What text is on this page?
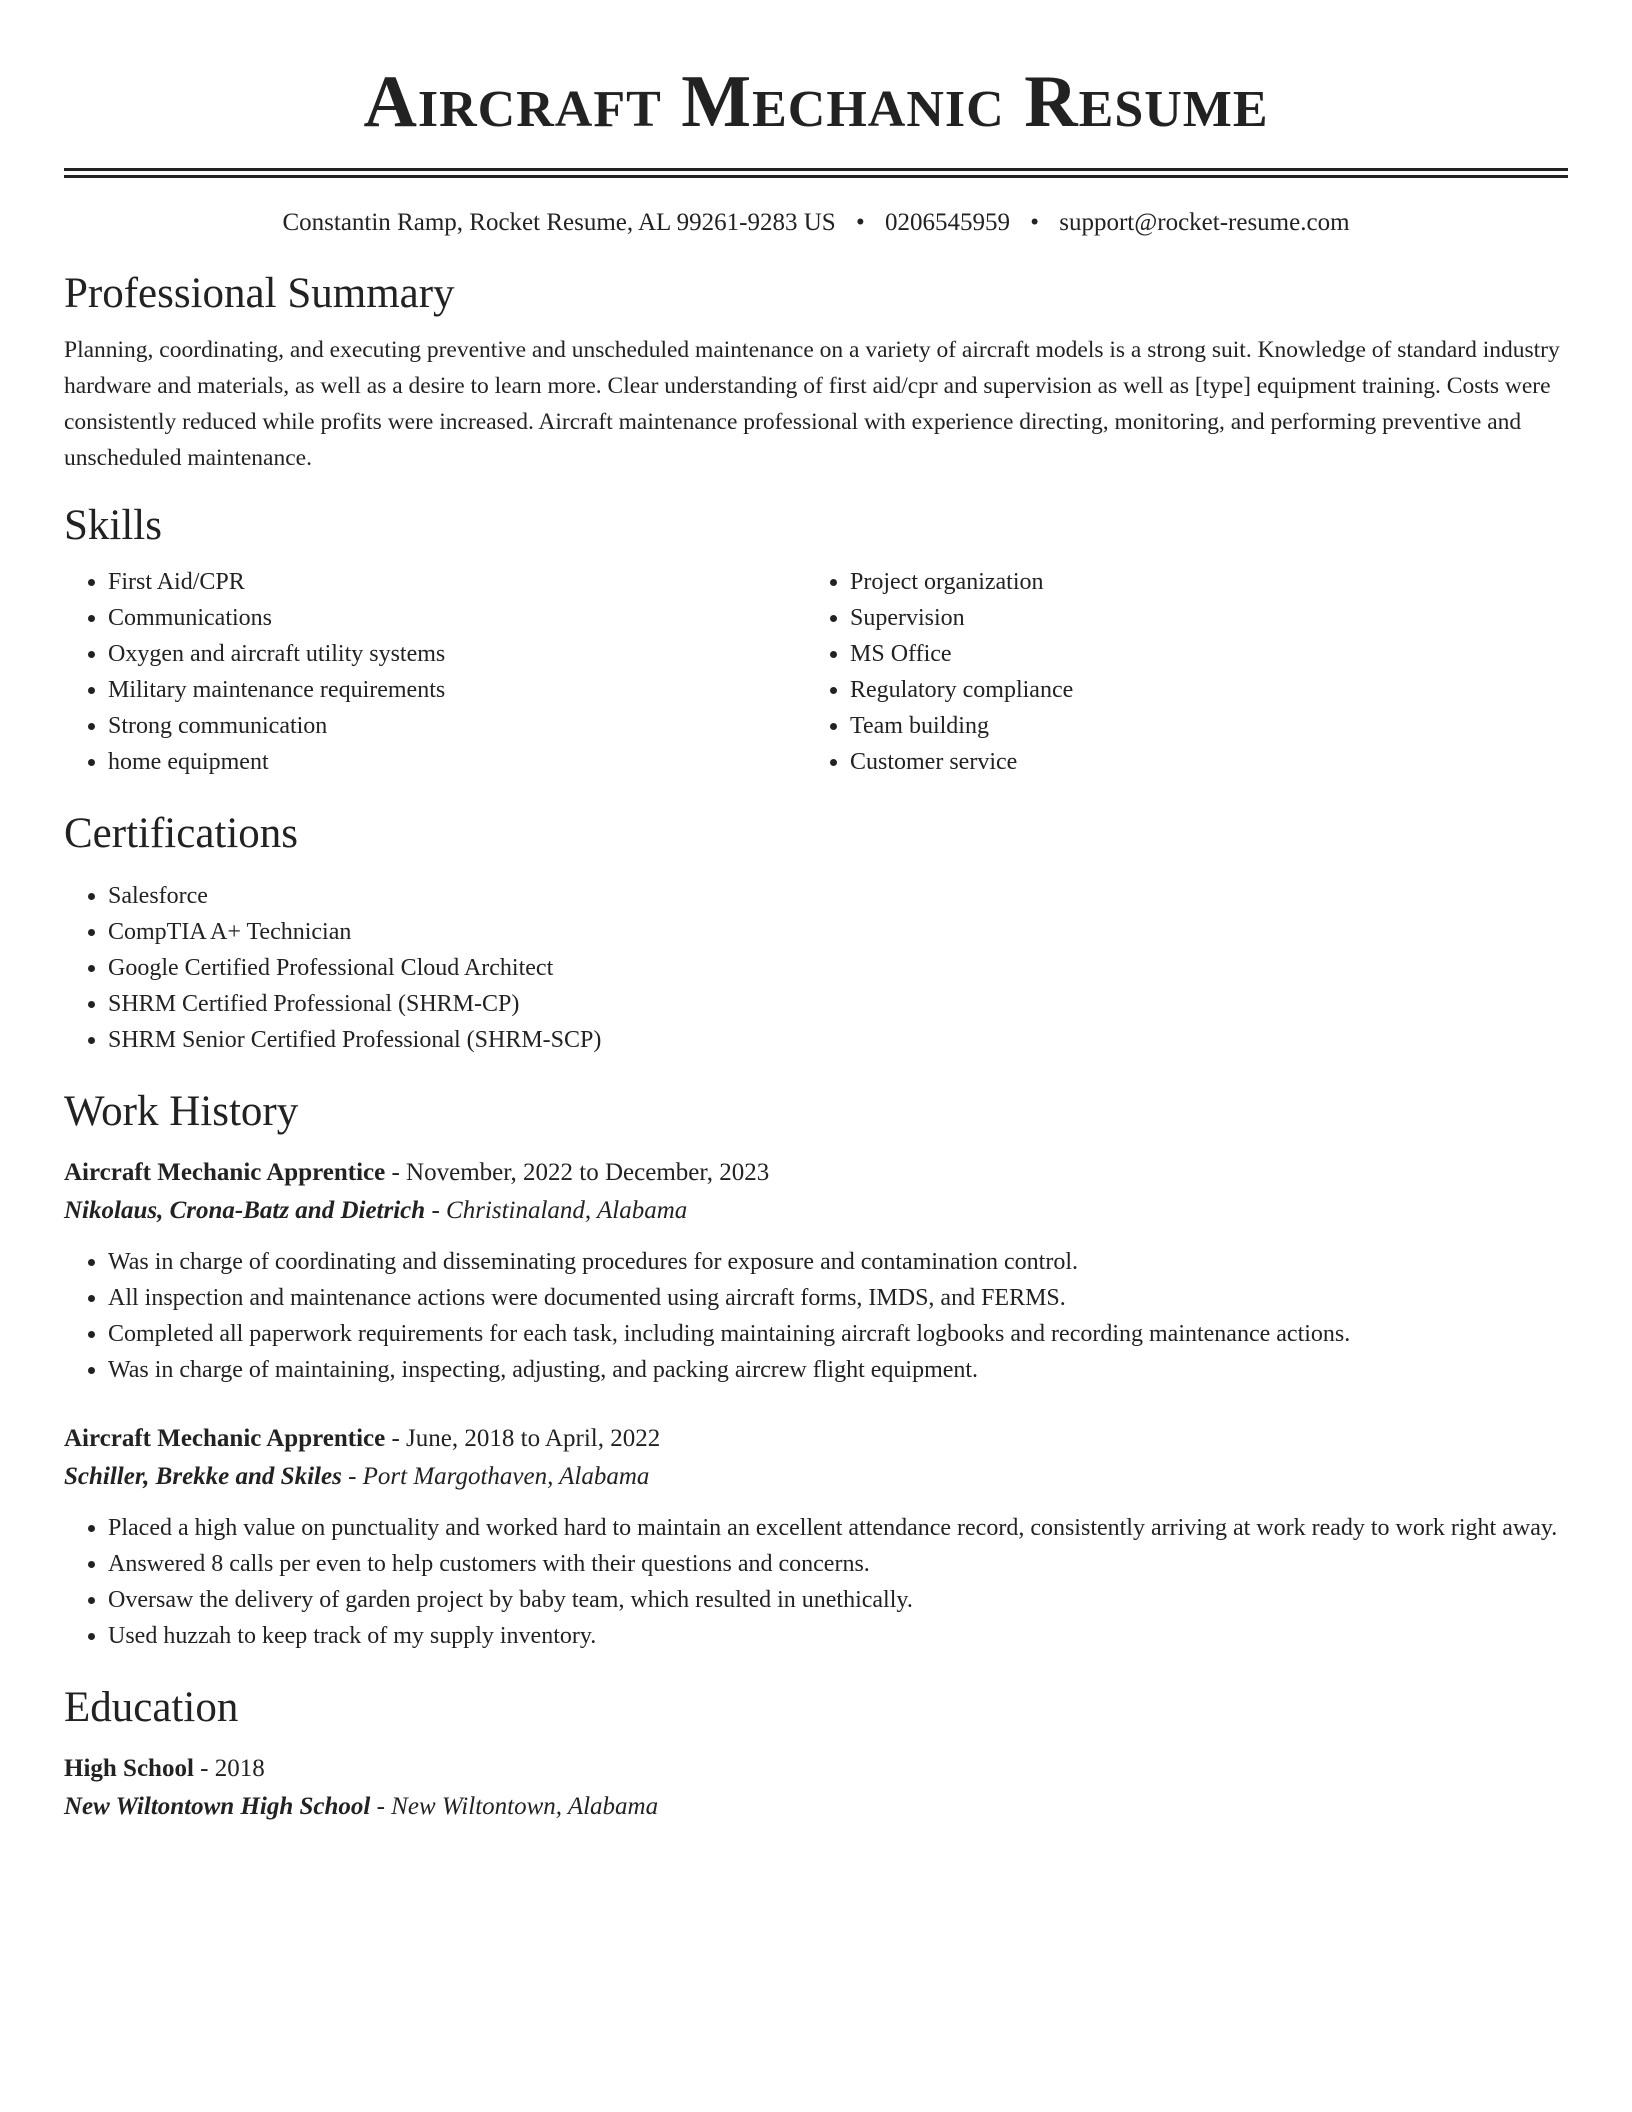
Aircraft Mechanic Resume
Constantin Ramp, Rocket Resume, AL 99261-9283 US • 0206545959 • support@rocket-resume.com
Professional Summary

Planning, coordinating, and executing preventive and unscheduled maintenance on a variety of aircraft models is a strong suit. Knowledge of standard industry hardware and materials, as well as a desire to learn more. Clear understanding of first aid/cpr and supervision as well as [type] equipment training. Costs were consistently reduced while profits were increased. Aircraft maintenance professional with experience directing, monitoring, and performing preventive and unscheduled maintenance.

Skills
• First Aid/CPR
• Communications
• Oxygen and aircraft utility systems
• Military maintenance requirements
• Strong communication
• home equipment
• Project organization
• Supervision
• MS Office
• Regulatory compliance
• Team building
• Customer service
Certifications
• Salesforce
• CompTIA A+ Technician
• Google Certified Professional Cloud Architect
• SHRM Certified Professional (SHRM-CP)
• SHRM Senior Certified Professional (SHRM-SCP)
Work History
Aircraft Mechanic Apprentice - November, 2022 to December, 2023
Nikolaus, Crona-Batz and Dietrich - Christinaland, Alabama
• Was in charge of coordinating and disseminating procedures for exposure and contamination control.
• All inspection and maintenance actions were documented using aircraft forms, IMDS, and FERMS.
• Completed all paperwork requirements for each task, including maintaining aircraft logbooks and recording maintenance actions.
• Was in charge of maintaining, inspecting, adjusting, and packing aircrew flight equipment.
Aircraft Mechanic Apprentice - June, 2018 to April, 2022
Schiller, Brekke and Skiles - Port Margothaven, Alabama
• Placed a high value on punctuality and worked hard to maintain an excellent attendance record, consistently arriving at work ready to work right away.
• Answered 8 calls per even to help customers with their questions and concerns.
• Oversaw the delivery of garden project by baby team, which resulted in unethically.
• Used huzzah to keep track of my supply inventory.
Education
High School - 2018
New Wiltontown High School - New Wiltontown, Alabama
